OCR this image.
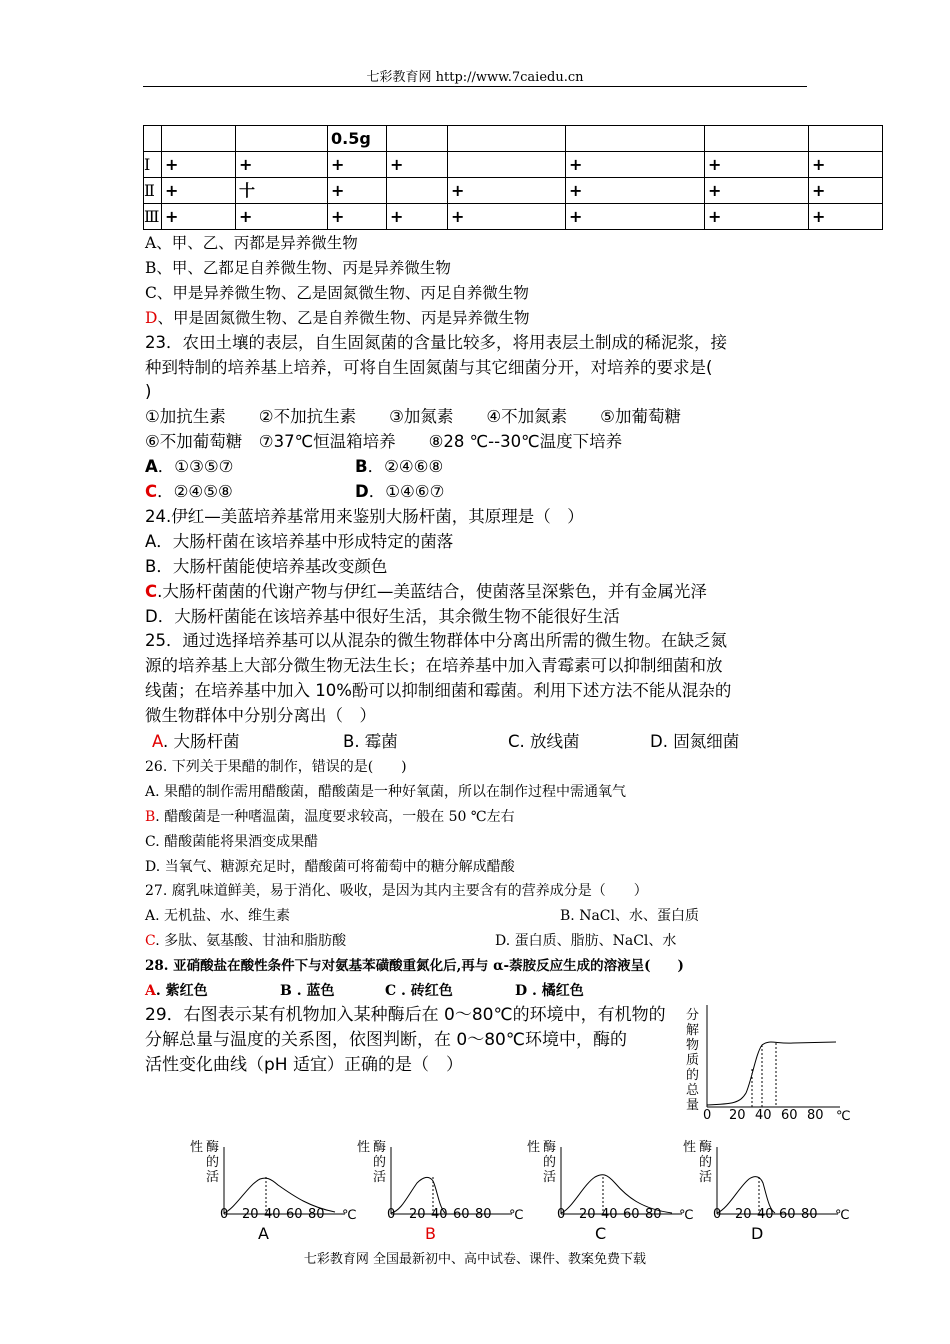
七彩教育网 http://www.7caiedu.cn
			0.5g					
Ⅰ	+	+	+	+		+	+	+
Ⅱ	+	十	+		+	+	+	+
Ⅲ	+	+	+	+	+	+	+	+
A、甲、乙、丙都是异养微生物
B、甲、乙都足自养微生物、丙是异养微生物
C、甲是异养微生物、乙是固氮微生物、丙足自养微生物
D、甲是固氮微生物、乙是自养微生物、丙是异养微生物
23．农田土壤的表层，自生固氮菌的含量比较多，将用表层土制成的稀泥浆，接
种到特制的培养基上培养，可将自生固氮菌与其它细菌分开，对培养的要求是(
)
①加抗生素　　②不加抗生素　　③加氮素　　④不加氮素　　⑤加葡萄糖
⑥不加葡萄糖　⑦37℃恒温箱培养　　⑧28 ℃--30℃温度下培养
A．①③⑤⑦	B．②④⑥⑧
C．②④⑤⑧	D．①④⑥⑦
24.伊红—美蓝培养基常用来鉴别大肠杆菌，其原理是（　）
A．大肠杆菌在该培养基中形成特定的菌落
B．大肠杆菌能使培养基改变颜色
C.大肠杆菌菌的代谢产物与伊红—美蓝结合，使菌落呈深紫色，并有金属光泽
D．大肠杆菌能在该培养基中很好生活，其余微生物不能很好生活
25．通过选择培养基可以从混杂的微生物群体中分离出所需的微生物。在缺乏氮
源的培养基上大部分微生物无法生长；在培养基中加入青霉素可以抑制细菌和放
线菌；在培养基中加入 10%酚可以抑制细菌和霉菌。利用下述方法不能从混杂的
微生物群体中分别分离出（　）
A. 大肠杆菌	B. 霉菌	C. 放线菌	D. 固氮细菌
26. 下列关于果醋的制作，错误的是(　　)
A. 果醋的制作需用醋酸菌，醋酸菌是一种好氧菌，所以在制作过程中需通氧气
B. 醋酸菌是一种嗜温菌，温度要求较高，一般在 50 ℃左右
C. 醋酸菌能将果酒变成果醋
D. 当氧气、糖源充足时，醋酸菌可将葡萄中的糖分解成醋酸
27. 腐乳味道鲜美，易于消化、吸收，是因为其内主要含有的营养成分是（　　）
A. 无机盐、水、维生素	B. NaCl、水、蛋白质
C. 多肽、氨基酸、甘油和脂肪酸	D. 蛋白质、脂肪、NaCl、水
28. 亚硝酸盐在酸性条件下与对氨基苯磺酸重氮化后,再与 α-萘胺反应生成的溶液呈(　　)
A. 紫红色	B . 蓝色	C . 砖红色	D . 橘红色
29．右图表示某有机物加入某种酶后在 0～80℃的环境中，有机物的
分解总量与温度的关系图，依图判断，在 0～80℃环境中，酶的
活性变化曲线（pH 适宜）正确的是（　）
分
解
物
质
的
总
量
0 20 40 60 80 ℃
性 酶
的
活
0 20 40 60 80 ℃
A
性 酶
的
活
0 20 40 60 80 ℃
B
性 酶
的
活
0 20 40 60 80 ℃
C
性 酶
的
活
0 20 40 60 80 ℃
D
七彩教育网 全国最新初中、高中试卷、课件、教案免费下载
